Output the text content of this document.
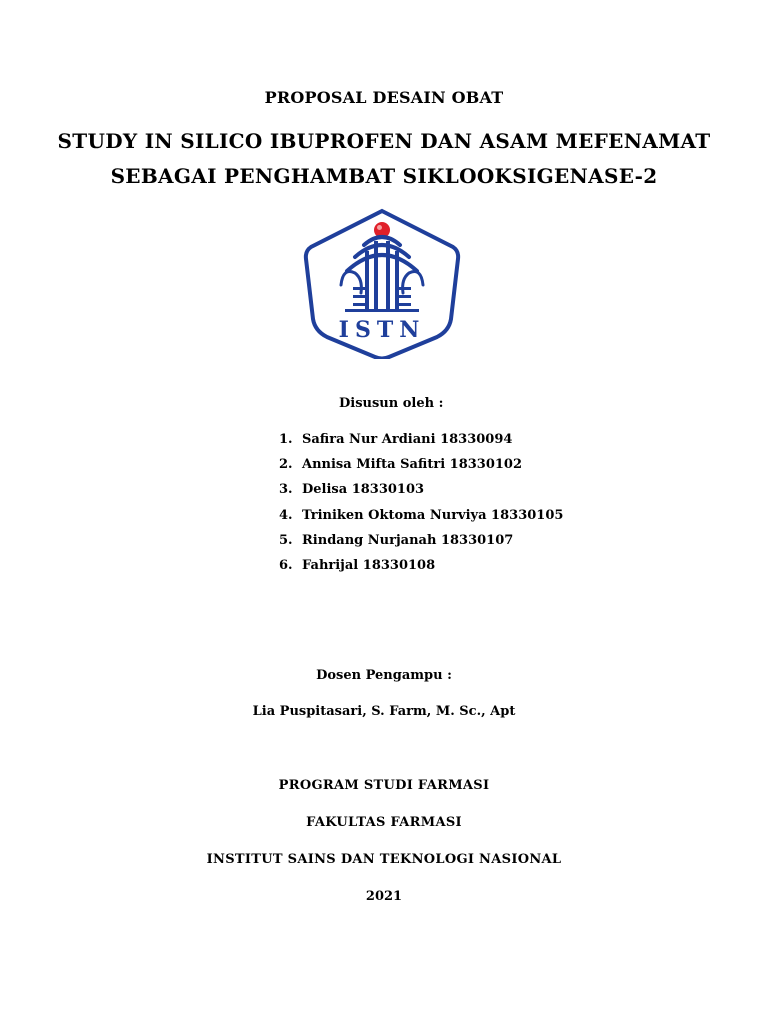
PROPOSAL DESAIN OBAT
STUDY IN SILICO IBUPROFEN DAN ASAM MEFENAMAT
SEBAGAI PENGHAMBAT SIKLOOKSIGENASE-2
ISTN
Disusun oleh :
1. Safira Nur Ardiani 18330094
2. Annisa Mifta Safitri 18330102
3. Delisa 18330103
4. Triniken Oktoma Nurviya 18330105
5. Rindang Nurjanah 18330107
6. Fahrijal 18330108
Dosen Pengampu :
Lia Puspitasari, S. Farm, M. Sc., Apt
PROGRAM STUDI FARMASI
FAKULTAS FARMASI
INSTITUT SAINS DAN TEKNOLOGI NASIONAL
2021
